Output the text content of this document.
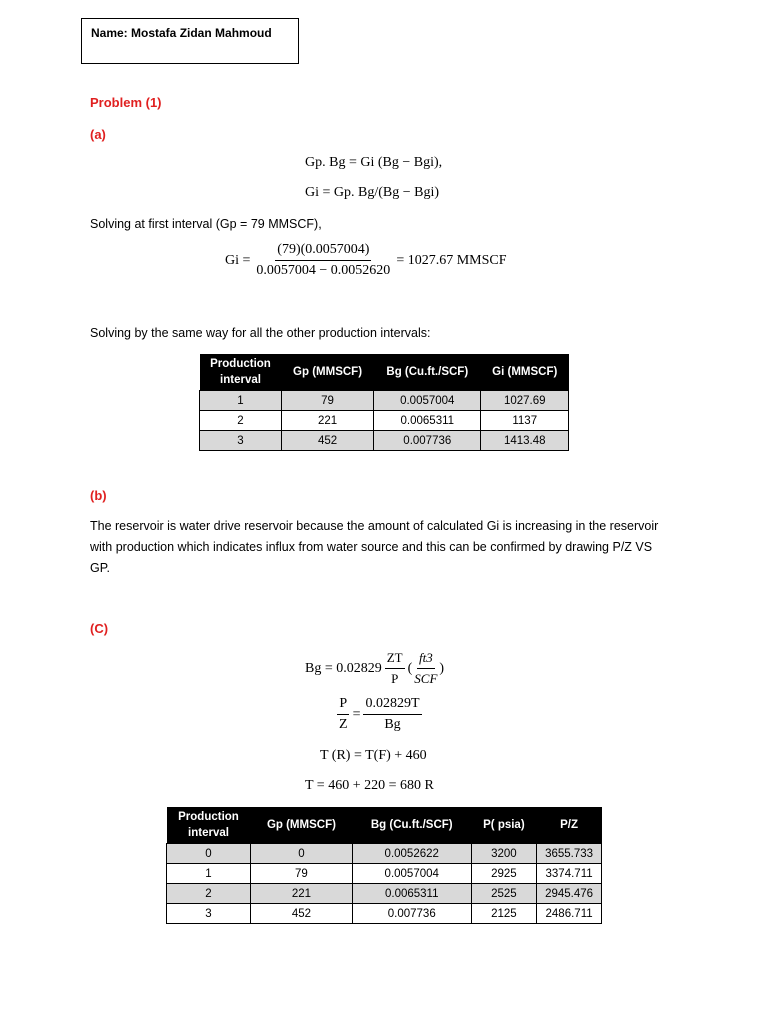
Name: Mostafa Zidan Mahmoud
Problem (1)
(a)
Gp. Bg = Gi (Bg − Bgi),
Gi = Gp. Bg/(Bg − Bgi)
Solving at first interval (Gp = 79 MMSCF),
$Gi = \frac{(79)(0.0057004)}{0.0057004 - 0.0052620} = 1027.67$ MMSCF
Solving by the same way for all the other production intervals:
Production interval	Gp (MMSCF)	Bg (Cu.ft./SCF)	Gi (MMSCF)
1	79	0.0057004	1027.69
2	221	0.0065311	1137
3	452	0.007736	1413.48
(b)
The reservoir is water drive reservoir because the amount of calculated Gi is increasing in the reservoir with production which indicates influx from water source and this can be confirmed by drawing P/Z VS GP.
(C)
$Bg = 0.02829 \frac{ZT}{P}$ ( $\frac{ft3}{\text{SCF}}$ )
$\frac{P}{Z} = \frac{0.02829T}{Bg}$
T (R) = T(F) + 460
T = 460 + 220 = 680 R
Production interval	Gp (MMSCF)	Bg (Cu.ft./SCF)	P( psia)	P/Z
0	0	0.0052622	3200	3655.733
1	79	0.0057004	2925	3374.711
2	221	0.0065311	2525	2945.476
3	452	0.007736	2125	2486.711
